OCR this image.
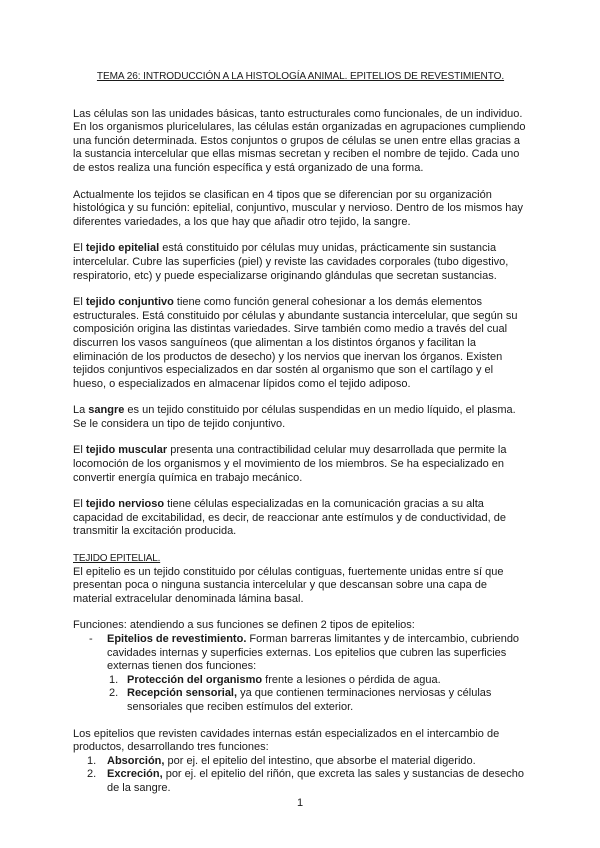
TEMA 26: INTRODUCCIÓN A LA HISTOLOGÍA ANIMAL. EPITELIOS DE REVESTIMIENTO.

Las células son las unidades básicas, tanto estructurales como funcionales, de un individuo. En los organismos pluricelulares, las células están organizadas en agrupaciones cumpliendo una función determinada. Estos conjuntos o grupos de células se unen entre ellas gracias a la sustancia intercelular que ellas mismas secretan y reciben el nombre de tejido. Cada uno de estos realiza una función específica y está organizado de una forma.

Actualmente los tejidos se clasifican en 4 tipos que se diferencian por su organización histológica y su función: epitelial, conjuntivo, muscular y nervioso. Dentro de los mismos hay diferentes variedades, a los que hay que añadir otro tejido, la sangre.

El tejido epitelial está constituido por células muy unidas, prácticamente sin sustancia intercelular. Cubre las superficies (piel) y reviste las cavidades corporales (tubo digestivo, respiratorio, etc) y puede especializarse originando glándulas que secretan sustancias.

El tejido conjuntivo tiene como función general cohesionar a los demás elementos estructurales. Está constituido por células y abundante sustancia intercelular, que según su composición origina las distintas variedades. Sirve también como medio a través del cual discurren los vasos sanguíneos (que alimentan a los distintos órganos y facilitan la eliminación de los productos de desecho) y los nervios que inervan los órganos. Existen tejidos conjuntivos especializados en dar sostén al organismo que son el cartílago y el hueso, o especializados en almacenar lípidos como el tejido adiposo.

La sangre es un tejido constituido por células suspendidas en un medio líquido, el plasma. Se le considera un tipo de tejido conjuntivo.

El tejido muscular presenta una contractibilidad celular muy desarrollada que permite la locomoción de los organismos y el movimiento de los miembros. Se ha especializado en convertir energía química en trabajo mecánico.

El tejido nervioso tiene células especializadas en la comunicación gracias a su alta capacidad de excitabilidad, es decir, de reaccionar ante estímulos y de conductividad, de transmitir la excitación producida.

TEJIDO EPITELIAL.

El epitelio es un tejido constituido por células contiguas, fuertemente unidas entre sí que presentan poca o ninguna sustancia intercelular y que descansan sobre una capa de material extracelular denominada lámina basal.

Funciones: atendiendo a sus funciones se definen 2 tipos de epitelios:
- Epitelios de revestimiento. Forman barreras limitantes y de intercambio, cubriendo cavidades internas y superficies externas. Los epitelios que cubren las superficies externas tienen dos funciones:
1. Protección del organismo frente a lesiones o pérdida de agua.
2. Recepción sensorial, ya que contienen terminaciones nerviosas y células sensoriales que reciben estímulos del exterior.
Los epitelios que revisten cavidades internas están especializados en el intercambio de productos, desarrollando tres funciones:
1. Absorción, por ej. el epitelio del intestino, que absorbe el material digerido.
2. Excreción, por ej. el epitelio del riñón, que excreta las sales y sustancias de desecho de la sangre.
1
